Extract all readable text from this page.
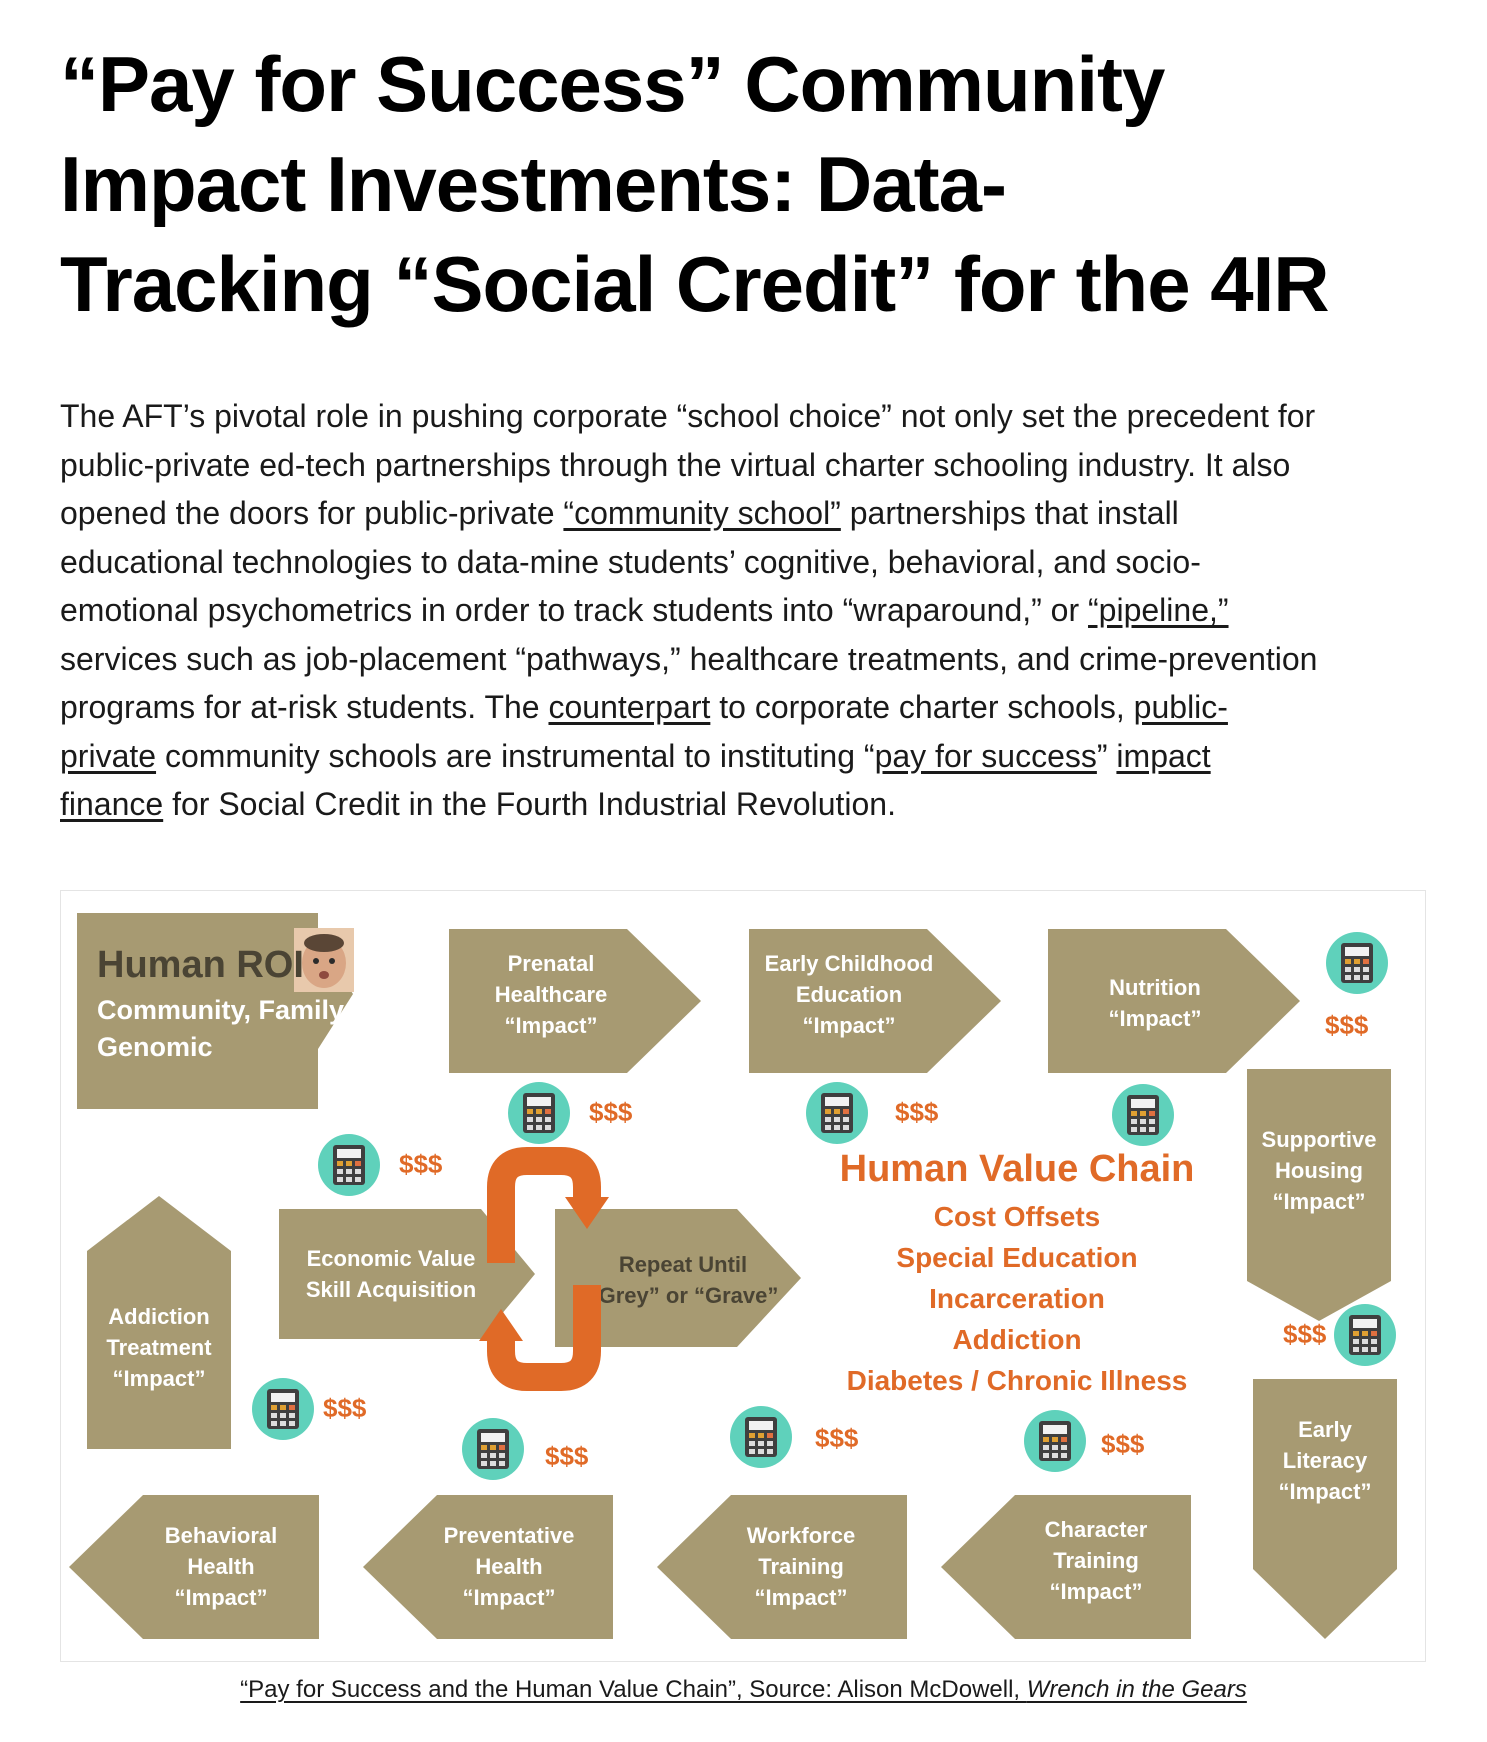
“Pay for Success” Community
Impact Investments: Data-
Tracking “Social Credit” for the 4IR
The AFT’s pivotal role in pushing corporate “school choice” not only set the precedent for
public-private ed-tech partnerships through the virtual charter schooling industry. It also
opened the doors for public-private “community school” partnerships that install
educational technologies to data-mine students’ cognitive, behavioral, and socio-
emotional psychometrics in order to track students into “wraparound,” or “pipeline,”
services such as job-placement “pathways,” healthcare treatments, and crime-prevention
programs for at-risk students. The counterpart to corporate charter schools, public-
private community schools are instrumental to instituting “pay for success” impact
finance for Social Credit in the Fourth Industrial Revolution.
Human ROI
Community, Family, ACES,
Genomic
Prenatal
Healthcare
“Impact”
Early Childhood
Education
“Impact”
Nutrition
“Impact”
Supportive
Housing
“Impact”
Early
Literacy
“Impact”
Character
Training
“Impact”
Workforce
Training
“Impact”
Preventative
Health
“Impact”
Behavioral
Health
“Impact”
Addiction
Treatment
“Impact”
Economic Value
Skill Acquisition
Repeat Until
“Grey” or “Grave”
Human Value Chain
Cost Offsets
Special Education
Incarceration
Addiction
Diabetes / Chronic Illness
$$$
$$$	$$$
$$$
$$$
$$$
$$$
$$$	$$$
“Pay for Success and the Human Value Chain”, Source: Alison McDowell, Wrench in the Gears
